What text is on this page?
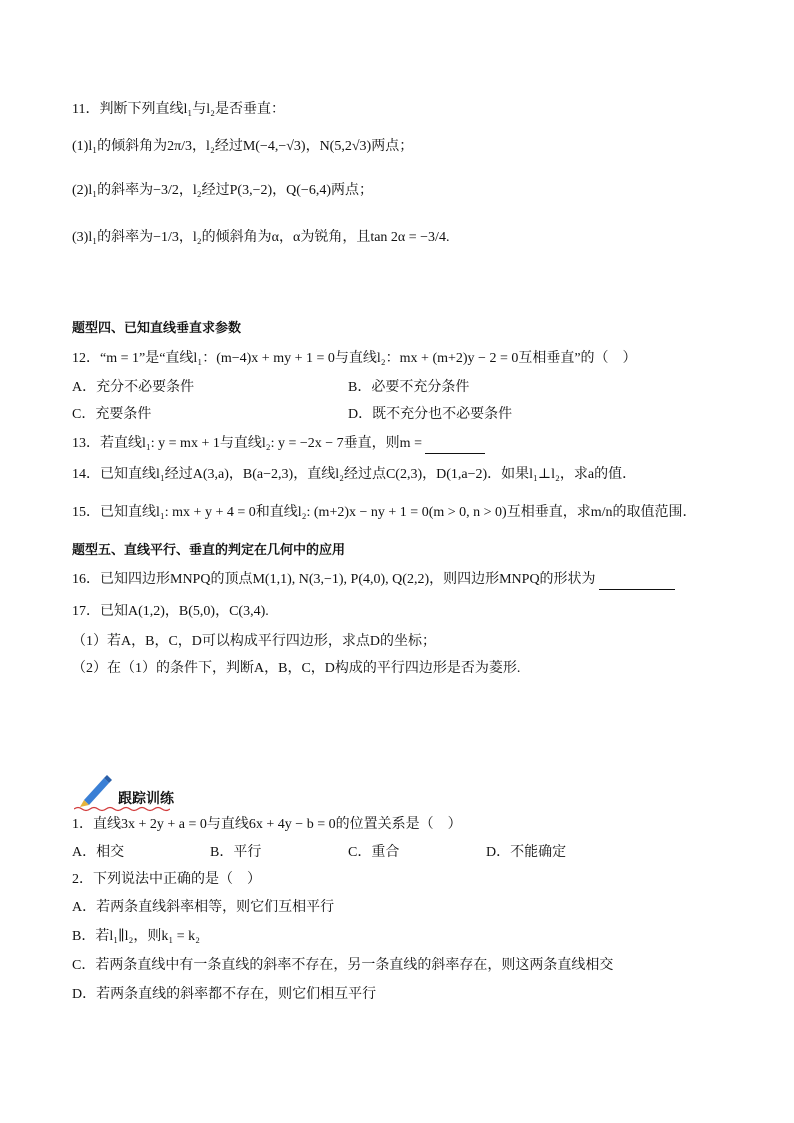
11．判断下列直线l₁与l₂是否垂直：
(1)l₁的倾斜角为2π/3，l₂经过M(−4,−√3)，N(5,2√3)两点；
(2)l₁的斜率为−3/2，l₂经过P(3,−2)，Q(−6,4)两点；
(3)l₁的斜率为−1/3，l₂的倾斜角为α，α为锐角，且tan 2α = −3/4.
题型四、已知直线垂直求参数
12．“m = 1”是“直线l₁：(m−4)x + my + 1 = 0与直线l₂：mx + (m+2)y − 2 = 0互相垂直”的（　）
A．充分不必要条件	B．必要不充分条件
C．充要条件	D．既不充分也不必要条件
13．若直线l₁: y = mx + 1与直线l₂: y = −2x − 7垂直，则m =
14．已知直线l₁经过A(3,a)，B(a−2,3)，直线l₂经过点C(2,3)，D(1,a−2)．如果l₁⊥l₂，求a的值．
15．已知直线l₁: mx + y + 4 = 0和直线l₂: (m+2)x − ny + 1 = 0(m > 0, n > 0)互相垂直，求m/n的取值范围．
题型五、直线平行、垂直的判定在几何中的应用
16．已知四边形MNPQ的顶点M(1,1), N(3,−1), P(4,0), Q(2,2)，则四边形MNPQ的形状为
17．已知A(1,2)，B(5,0)，C(3,4).
（1）若A，B，C，D可以构成平行四边形，求点D的坐标；
（2）在（1）的条件下，判断A，B，C，D构成的平行四边形是否为菱形.
跟踪训练
1．直线3x + 2y + a = 0与直线6x + 4y − b = 0的位置关系是（　）
A．相交	B．平行	C．重合	D．不能确定
2．下列说法中正确的是（　）
A．若两条直线斜率相等，则它们互相平行
B．若l₁∥l₂，则k₁ = k₂
C．若两条直线中有一条直线的斜率不存在，另一条直线的斜率存在，则这两条直线相交
D．若两条直线的斜率都不存在，则它们相互平行
